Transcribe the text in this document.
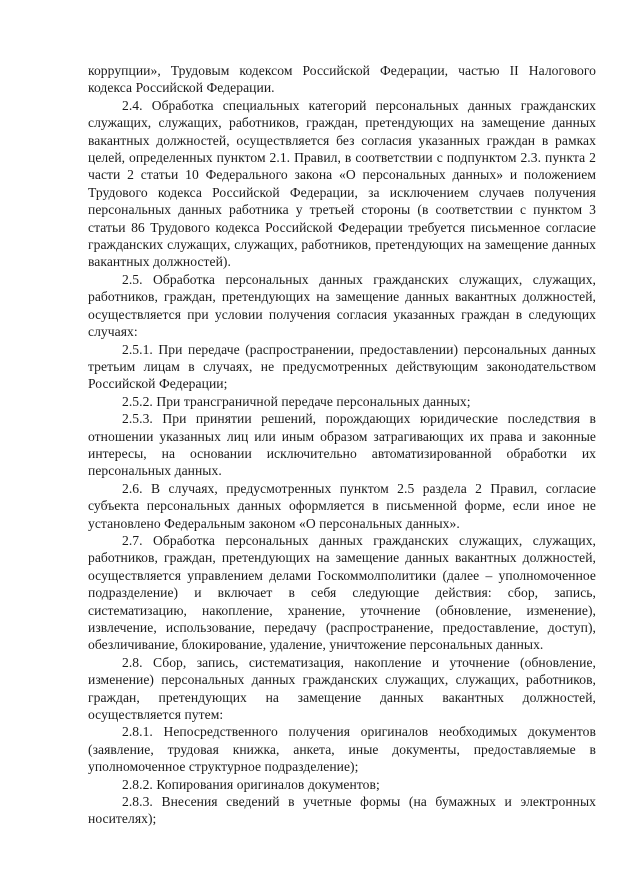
коррупции», Трудовым кодексом Российской Федерации, частью II Налогового кодекса Российской Федерации.

2.4. Обработка специальных категорий персональных данных гражданских служащих, служащих, работников, граждан, претендующих на замещение данных вакантных должностей, осуществляется без согласия указанных граждан в рамках целей, определенных пунктом 2.1. Правил, в соответствии с подпунктом 2.3. пункта 2 части 2 статьи 10 Федерального закона «О персональных данных» и положением Трудового кодекса Российской Федерации, за исключением случаев получения персональных данных работника у третьей стороны (в соответствии с пунктом 3 статьи 86 Трудового кодекса Российской Федерации требуется письменное согласие гражданских служащих, служащих, работников, претендующих на замещение данных вакантных должностей).

2.5. Обработка персональных данных гражданских служащих, служащих, работников, граждан, претендующих на замещение данных вакантных должностей, осуществляется при условии получения согласия указанных граждан в следующих случаях:

2.5.1. При передаче (распространении, предоставлении) персональных данных третьим лицам в случаях, не предусмотренных действующим законодательством Российской Федерации;

2.5.2. При трансграничной передаче персональных данных;

2.5.3. При принятии решений, порождающих юридические последствия в отношении указанных лиц или иным образом затрагивающих их права и законные интересы, на основании исключительно автоматизированной обработки их персональных данных.

2.6. В случаях, предусмотренных пунктом 2.5 раздела 2 Правил, согласие субъекта персональных данных оформляется в письменной форме, если иное не установлено Федеральным законом «О персональных данных».

2.7. Обработка персональных данных гражданских служащих, служащих, работников, граждан, претендующих на замещение данных вакантных должностей, осуществляется управлением делами Госкоммолполитики (далее – уполномоченное подразделение) и включает в себя следующие действия: сбор, запись, систематизацию, накопление, хранение, уточнение (обновление, изменение), извлечение, использование, передачу (распространение, предоставление, доступ), обезличивание, блокирование, удаление, уничтожение персональных данных.

2.8. Сбор, запись, систематизация, накопление и уточнение (обновление, изменение) персональных данных гражданских служащих, служащих, работников, граждан, претендующих на замещение данных вакантных должностей, осуществляется путем:

2.8.1. Непосредственного получения оригиналов необходимых документов (заявление, трудовая книжка, анкета, иные документы, предоставляемые в уполномоченное структурное подразделение);

2.8.2. Копирования оригиналов документов;

2.8.3. Внесения сведений в учетные формы (на бумажных и электронных носителях);
